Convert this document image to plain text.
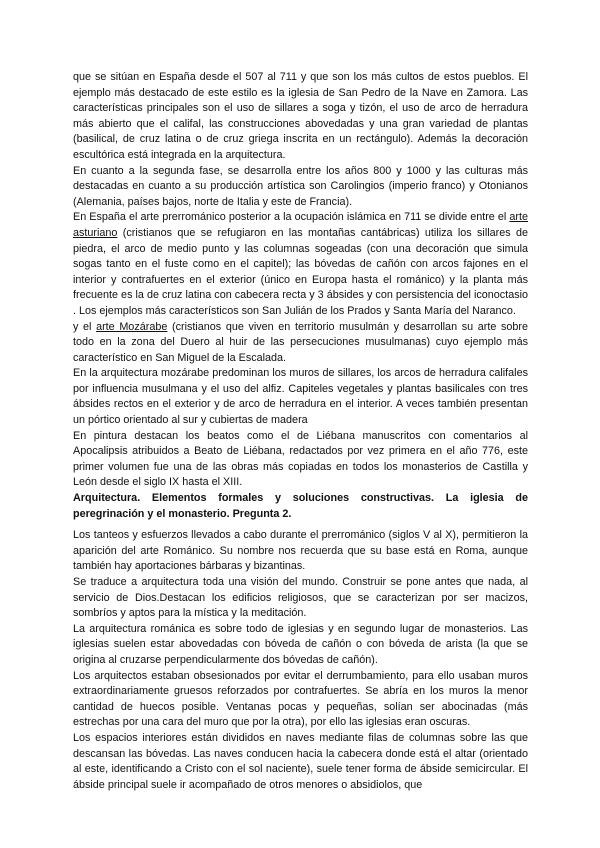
que se sitúan en España desde el 507 al 711 y que son los más cultos de estos pueblos. El ejemplo más destacado de este estilo es la iglesia de San Pedro de la Nave en Zamora. Las características principales son el uso de sillares a soga y tizón, el uso de arco de herradura más abierto que el califal, las construcciones abovedadas y una gran variedad de plantas (basilical, de cruz latina o de cruz griega inscrita en un rectángulo). Además la decoración escultórica está integrada en la arquitectura.

En cuanto a la segunda fase, se desarrolla entre los años 800 y 1000 y las culturas más destacadas en cuanto a su producción artística son Carolingios (imperio franco) y Otonianos (Alemania, países bajos, norte de Italia y este de Francia).

En España el arte prerrománico posterior a la ocupación islámica en 711 se divide entre el arte asturiano (cristianos que se refugiaron en las montañas cantábricas) utiliza los sillares de piedra, el arco de medio punto y las columnas sogeadas (con una decoración que simula sogas tanto en el fuste como en el capitel); las bóvedas de cañón con arcos fajones en el interior y contrafuertes en el exterior (único en Europa hasta el románico) y la planta más frecuente es la de cruz latina con cabecera recta y 3 ábsides y con persistencia del iconoctasio . Los ejemplos más característicos son San Julián de los Prados y Santa María del Naranco.

y el arte Mozárabe (cristianos que viven en territorio musulmán y desarrollan su arte sobre todo en la zona del Duero al huir de las persecuciones musulmanas) cuyo ejemplo más característico en San Miguel de la Escalada.

En la arquitectura mozárabe predominan los muros de sillares, los arcos de herradura califales por influencia musulmana y el uso del alfiz. Capiteles vegetales y plantas basilicales con tres ábsides rectos en el exterior y de arco de herradura en el interior. A veces también presentan un pórtico orientado al sur y cubiertas de madera

En pintura destacan los beatos como el de Liébana manuscritos con comentarios al Apocalipsis atribuidos a Beato de Liébana, redactados por vez primera en el año 776, este primer volumen fue una de las obras más copiadas en todos los monasterios de Castilla y León desde el siglo IX hasta el XIII.

Arquitectura. Elementos formales y soluciones constructivas. La iglesia de peregrinación y el monasterio. Pregunta 2.

Los tanteos y esfuerzos llevados a cabo durante el prerrománico (siglos V al X), permitieron la aparición del arte Románico. Su nombre nos recuerda que su base está en Roma, aunque también hay aportaciones bárbaras y bizantinas.

Se traduce a arquitectura toda una visión del mundo. Construir se pone antes que nada, al servicio de Dios.Destacan los edificios religiosos, que se caracterizan por ser macizos, sombríos y aptos para la mística y la meditación.

La arquitectura románica es sobre todo de iglesias y en segundo lugar de monasterios. Las iglesias suelen estar abovedadas con bóveda de cañón o con bóveda de arista (la que se origina al cruzarse perpendicularmente dos bóvedas de cañón).

Los arquitectos estaban obsesionados por evitar el derrumbamiento, para ello usaban muros extraordinariamente gruesos reforzados por contrafuertes. Se abría en los muros la menor cantidad de huecos posible. Ventanas pocas y pequeñas, solían ser abocinadas (más estrechas por una cara del muro que por la otra), por ello las iglesias eran oscuras.

Los espacios interiores están divididos en naves mediante filas de columnas sobre las que descansan las bóvedas. Las naves conducen hacia la cabecera donde está el altar (orientado al este, identificando a Cristo con el sol naciente), suele tener forma de ábside semicircular. El ábside principal suele ir acompañado de otros menores o absidiolos, que
